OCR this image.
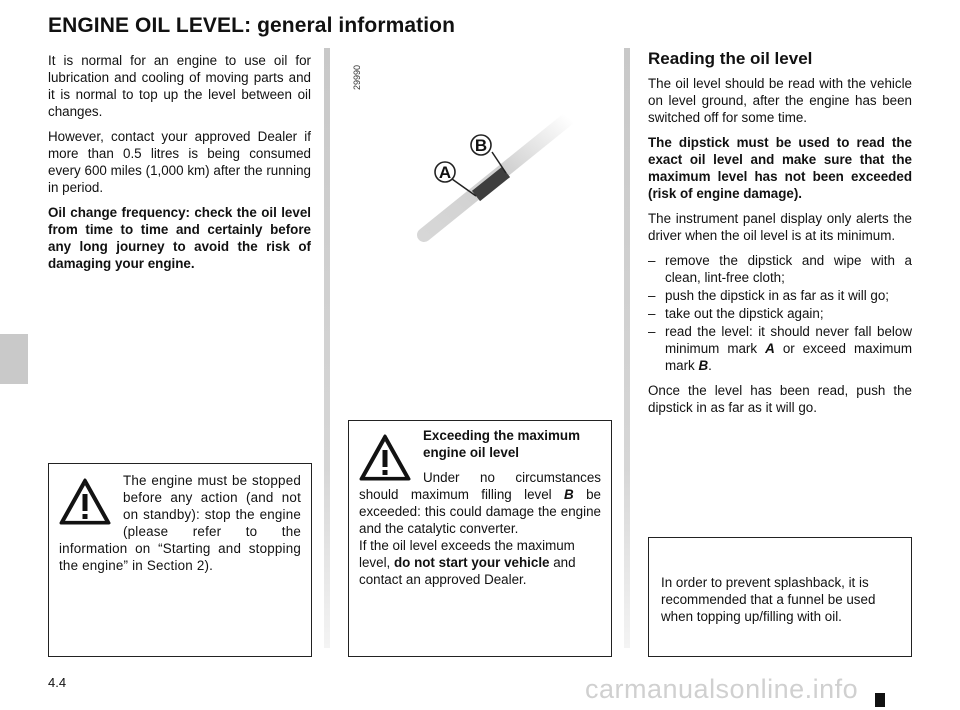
ENGINE OIL LEVEL: general information

It is normal for an engine to use oil for lubrication and cooling of moving parts and it is normal to top up the level between oil changes.

However, contact your approved Dealer if more than 0.5 litres is being consumed every 600 miles (1,000 km) after the running in period.

Oil change frequency: check the oil level from time to time and certainly before any long journey to avoid the risk of damaging your engine.

29990
A
B
Reading the oil level

The oil level should be read with the vehicle on level ground, after the engine has been switched off for some time.

The dipstick must be used to read the exact oil level and make sure that the maximum level has not been exceeded (risk of engine damage).

The instrument panel display only alerts the driver when the oil level is at its minimum.

– remove the dipstick and wipe with a clean, lint-free cloth;
– push the dipstick in as far as it will go;
– take out the dipstick again;
– read the level: it should never fall below minimum mark A or exceed maximum mark B.

Once the level has been read, push the dipstick in as far as it will go.

The engine must be stopped before any action (and not on standby): stop the engine (please refer to the information on “Starting and stopping the engine” in Section 2).
Exceeding the maximum engine oil level
Under no circumstances should maximum filling level B be exceeded: this could damage the engine and the catalytic converter.
If the oil level exceeds the maximum level, do not start your vehicle and contact an approved Dealer.	In order to prevent splashback, it is recommended that a funnel be used when topping up/filling with oil.
4.4	carmanualsonline.info
